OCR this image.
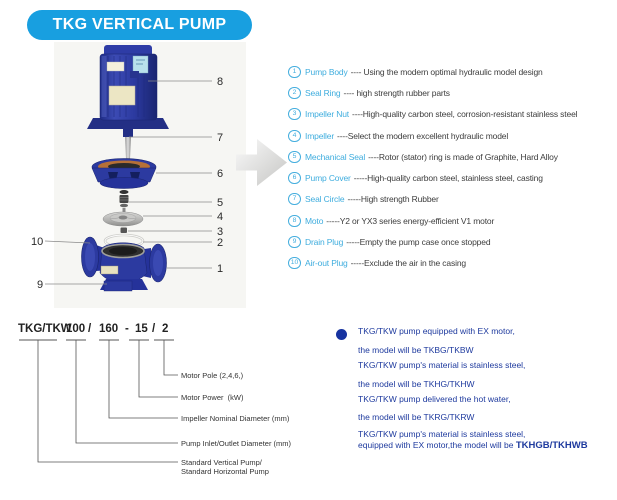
TKG VERTICAL PUMP
8
7
6
5
4
3
2
1
10
9
1	Pump Body ---- Using the modern optimal hydraulic model design
2	Seal Ring ---- high strength rubber parts
3	Impeller Nut ----High-quality carbon steel, corrosion-resistant stainless steel
4	Impeller ----Select the modern excellent hydraulic model
5	Mechanical Seal ----Rotor (stator) ring is made of Graphite, Hard Alloy
6	Pump Cover -----High-quality carbon steel, stainless steel, casting
7	Seal Circle -----High strength Rubber
8	Moto -----Y2 or YX3 series energy-efficient V1 motor
9	Drain Plug -----Empty the pump case once stopped
10 Air-out Plug -----Exclude the air in the casing
TKG/TKW
100 / 160 - 15 / 2
Motor Pole (2,4,6,)
Motor Power  (kW)
Impeller Nominal Diameter (mm)
Pump Inlet/Outlet Diameter (mm)
Standard Vertical Pump/
Standard Horizontal Pump
TKG/TKW pump equipped with EX motor,
the model will be TKBG/TKBW
TKG/TKW pump's material is stainless steel,
the model will be TKHG/TKHW
TKG/TKW pump delivered the hot water,
the model will be TKRG/TKRW
TKG/TKW pump's material is stainless steel,
equipped with EX motor,the model will be TKHGB/TKHWB
